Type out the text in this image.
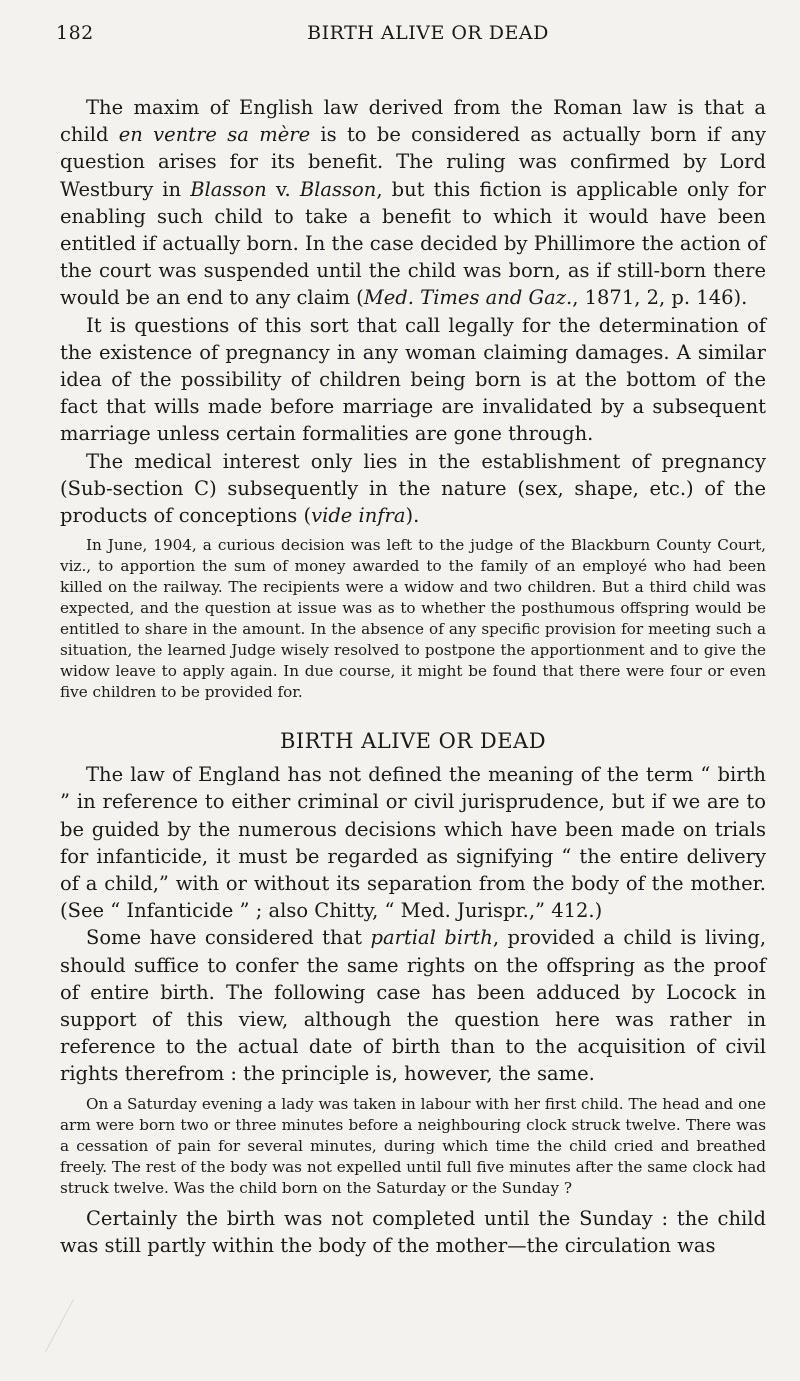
182	BIRTH ALIVE OR DEAD

The maxim of English law derived from the Roman law is that a child en ventre sa mère is to be considered as actually born if any question arises for its benefit. The ruling was confirmed by Lord Westbury in Blasson v. Blasson, but this fiction is applicable only for enabling such child to take a benefit to which it would have been entitled if actually born. In the case decided by Phillimore the action of the court was suspended until the child was born, as if still-born there would be an end to any claim (Med. Times and Gaz., 1871, 2, p. 146).

It is questions of this sort that call legally for the determination of the existence of pregnancy in any woman claiming damages. A similar idea of the possibility of children being born is at the bottom of the fact that wills made before marriage are invalidated by a subsequent marriage unless certain formalities are gone through.

The medical interest only lies in the establishment of pregnancy (Sub-section C) subsequently in the nature (sex, shape, etc.) of the products of conceptions (vide infra).

In June, 1904, a curious decision was left to the judge of the Blackburn County Court, viz., to apportion the sum of money awarded to the family of an employé who had been killed on the railway. The recipients were a widow and two children. But a third child was expected, and the question at issue was as to whether the posthumous offspring would be entitled to share in the amount. In the absence of any specific provision for meeting such a situation, the learned Judge wisely resolved to postpone the apportionment and to give the widow leave to apply again. In due course, it might be found that there were four or even five children to be provided for.

BIRTH ALIVE OR DEAD

The law of England has not defined the meaning of the term “ birth ” in reference to either criminal or civil jurisprudence, but if we are to be guided by the numerous decisions which have been made on trials for infanticide, it must be regarded as signifying “ the entire delivery of a child,” with or without its separation from the body of the mother. (See “ Infanticide ” ; also Chitty, “ Med. Jurispr.,” 412.)

Some have considered that partial birth, provided a child is living, should suffice to confer the same rights on the offspring as the proof of entire birth. The following case has been adduced by Locock in support of this view, although the question here was rather in reference to the actual date of birth than to the acquisition of civil rights therefrom : the principle is, however, the same.

On a Saturday evening a lady was taken in labour with her first child. The head and one arm were born two or three minutes before a neighbouring clock struck twelve. There was a cessation of pain for several minutes, during which time the child cried and breathed freely. The rest of the body was not expelled until full five minutes after the same clock had struck twelve. Was the child born on the Saturday or the Sunday ?

Certainly the birth was not completed until the Sunday : the child was still partly within the body of the mother—the circulation was
